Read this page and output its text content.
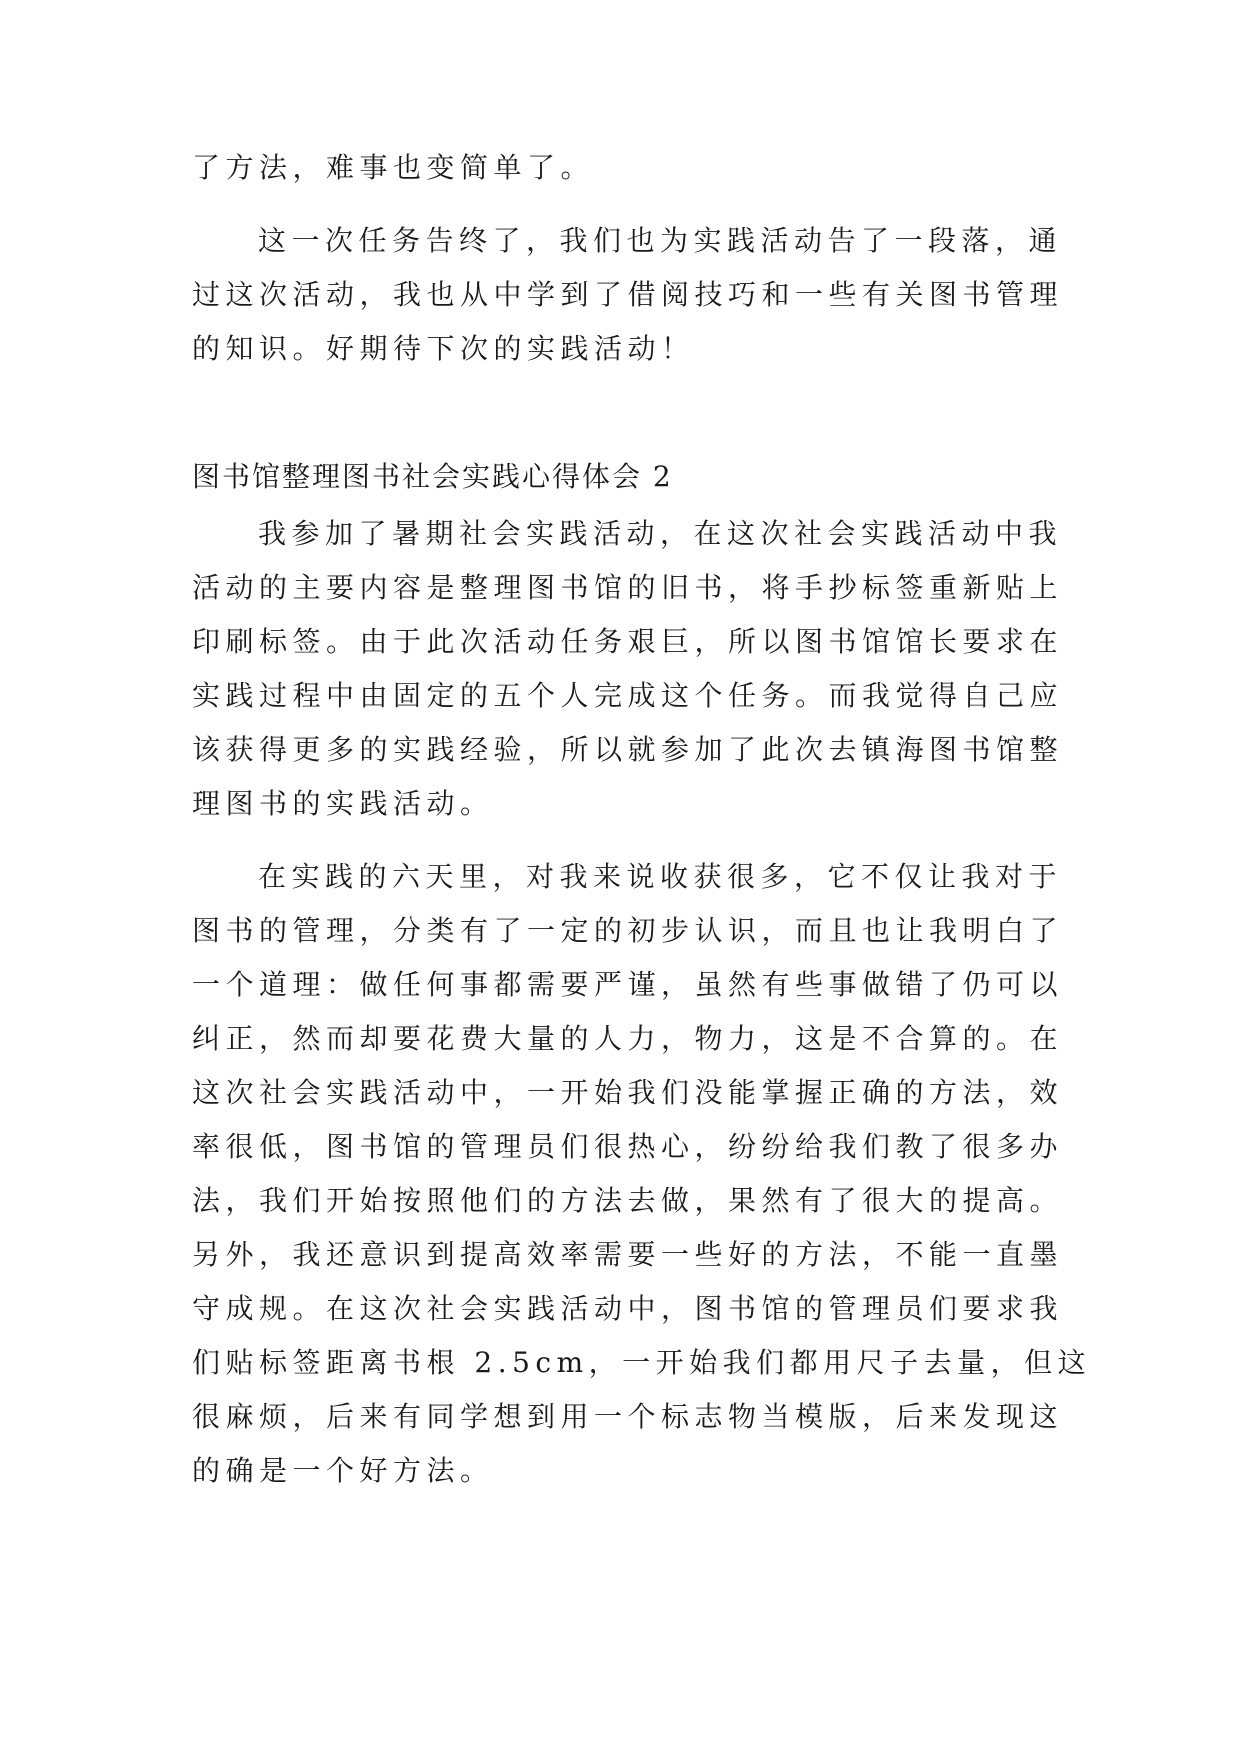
了方法，难事也变简单了。

这一次任务告终了，我们也为实践活动告了一段落，通

过这次活动，我也从中学到了借阅技巧和一些有关图书管理

的知识。好期待下次的实践活动！

图书馆整理图书社会实践心得体会 2

我参加了暑期社会实践活动，在这次社会实践活动中我

活动的主要内容是整理图书馆的旧书，将手抄标签重新贴上

印刷标签。由于此次活动任务艰巨，所以图书馆馆长要求在

实践过程中由固定的五个人完成这个任务。而我觉得自己应

该获得更多的实践经验，所以就参加了此次去镇海图书馆整

理图书的实践活动。

在实践的六天里，对我来说收获很多，它不仅让我对于

图书的管理，分类有了一定的初步认识，而且也让我明白了

一个道理：做任何事都需要严谨，虽然有些事做错了仍可以

纠正，然而却要花费大量的人力，物力，这是不合算的。在

这次社会实践活动中，一开始我们没能掌握正确的方法，效

率很低，图书馆的管理员们很热心，纷纷给我们教了很多办

法，我们开始按照他们的方法去做，果然有了很大的提高。

另外，我还意识到提高效率需要一些好的方法，不能一直墨

守成规。在这次社会实践活动中，图书馆的管理员们要求我

们贴标签距离书根 2.5cm，一开始我们都用尺子去量，但这

很麻烦，后来有同学想到用一个标志物当模版，后来发现这

的确是一个好方法。
